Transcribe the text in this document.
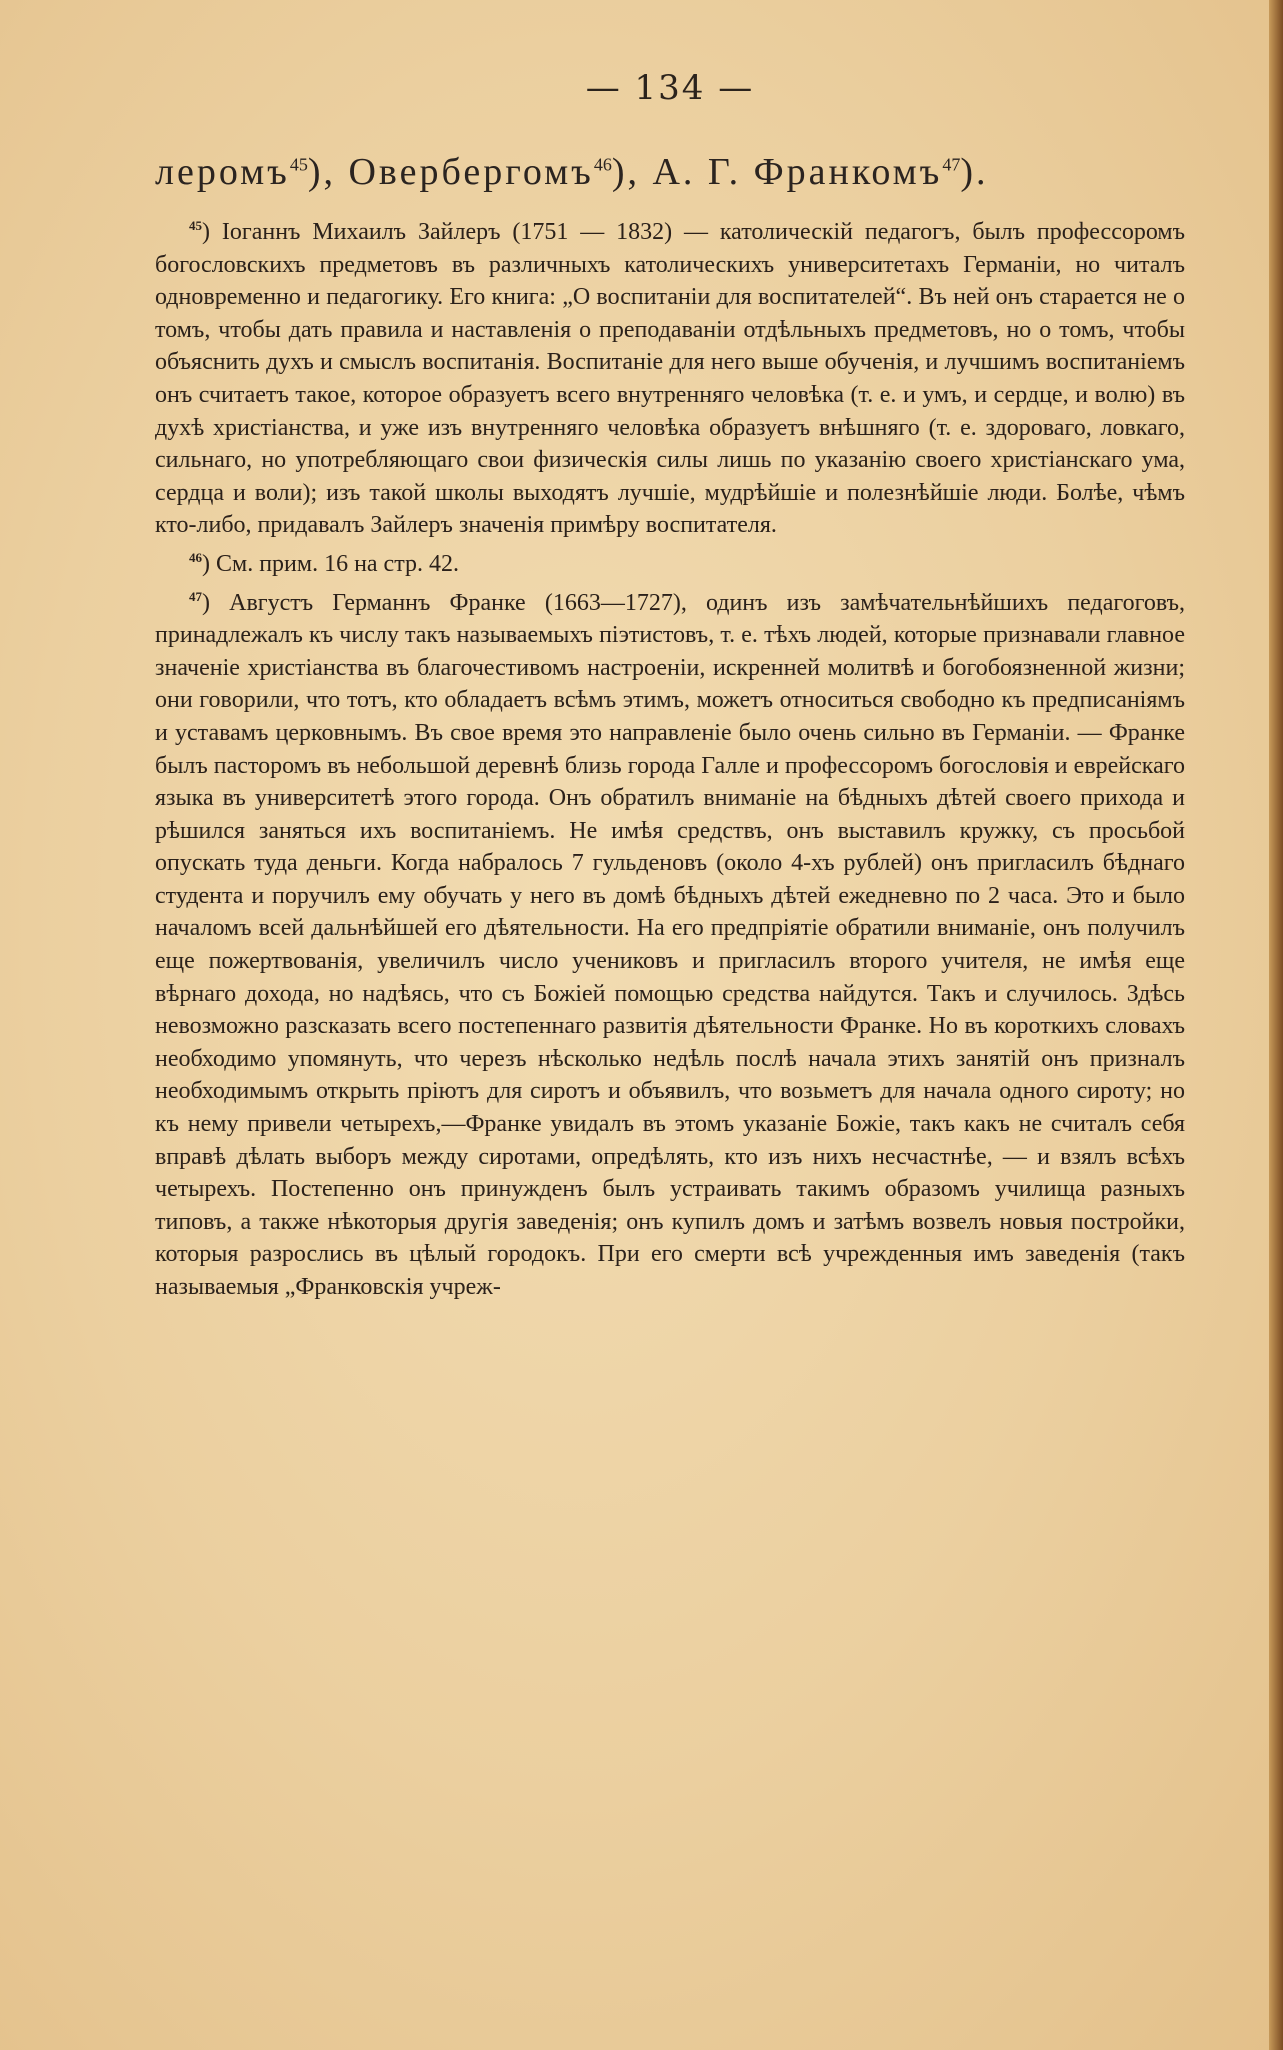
— 134 —
леромъ$^{45}$), Овербергомъ$^{46}$), А. Г. Франкомъ$^{47}$).

$^{45}$) Іоганнъ Михаилъ Зайлеръ (1751 — 1832) — католическій педагогъ, былъ профессоромъ богословскихъ предметовъ въ различныхъ католическихъ университетахъ Германіи, но читалъ одновременно и педагогику. Его книга: „О воспитаніи для воспитателей“. Въ ней онъ старается не о томъ, чтобы дать правила и наставленія о преподаваніи отдѣльныхъ предметовъ, но о томъ, чтобы объяснить духъ и смыслъ воспитанія. Воспитаніе для него выше обученія, и лучшимъ воспитаніемъ онъ считаетъ такое, которое образуетъ всего внутренняго человѣка (т. е. и умъ, и сердце, и волю) въ духѣ христіанства, и уже изъ внутренняго человѣка образуетъ внѣшняго (т. е. здороваго, ловкаго, сильнаго, но употребляющаго свои физическія силы лишь по указанію своего христіанскаго ума, сердца и воли); изъ такой школы выходятъ лучшіе, мудрѣйшіе и полезнѣйшіе люди. Болѣе, чѣмъ кто-либо, придавалъ Зайлеръ значенія примѣру воспитателя.

$^{46}$) См. прим. 16 на стр. 42.

$^{47}$) Августъ Германнъ Франке (1663—1727), одинъ изъ замѣчательнѣйшихъ педагоговъ, принадлежалъ къ числу такъ называемыхъ піэтистовъ, т. е. тѣхъ людей, которые признавали главное значеніе христіанства въ благочестивомъ настроеніи, искренней молитвѣ и богобоязненной жизни; они говорили, что тотъ, кто обладаетъ всѣмъ этимъ, можетъ относиться свободно къ предписаніямъ и уставамъ церковнымъ. Въ свое время это направленіе было очень сильно въ Германіи. — Франке былъ пасторомъ въ небольшой деревнѣ близь города Галле и профессоромъ богословія и еврейскаго языка въ университетѣ этого города. Онъ обратилъ вниманіе на бѣдныхъ дѣтей своего прихода и рѣшился заняться ихъ воспитаніемъ. Не имѣя средствъ, онъ выставилъ кружку, съ просьбой опускать туда деньги. Когда набралось 7 гульденовъ (около 4-хъ рублей) онъ пригласилъ бѣднаго студента и поручилъ ему обучать у него въ домѣ бѣдныхъ дѣтей ежедневно по 2 часа. Это и было началомъ всей дальнѣйшей его дѣятельности. На его предпріятіе обратили вниманіе, онъ получилъ еще пожертвованія, увеличилъ число учениковъ и пригласилъ второго учителя, не имѣя еще вѣрнаго дохода, но надѣясь, что съ Божіей помощью средства найдутся. Такъ и случилось. Здѣсь невозможно разсказать всего постепеннаго развитія дѣятельности Франке. Но въ короткихъ словахъ необходимо упомянуть, что черезъ нѣсколько недѣль послѣ начала этихъ занятій онъ призналъ необходимымъ открыть пріютъ для сиротъ и объявилъ, что возьметъ для начала одного сироту; но къ нему привели четырехъ,—Франке увидалъ въ этомъ указаніе Божіе, такъ какъ не считалъ себя вправѣ дѣлать выборъ между сиротами, опредѣлять, кто изъ нихъ несчастнѣе, — и взялъ всѣхъ четырехъ. Постепенно онъ принужденъ былъ устраивать такимъ образомъ училища разныхъ типовъ, а также нѣкоторыя другія заведенія; онъ купилъ домъ и затѣмъ возвелъ новыя постройки, которыя разрослись въ цѣлый городокъ. При его смерти всѣ учрежденныя имъ заведенія (такъ называемыя „Франковскія учреж-
